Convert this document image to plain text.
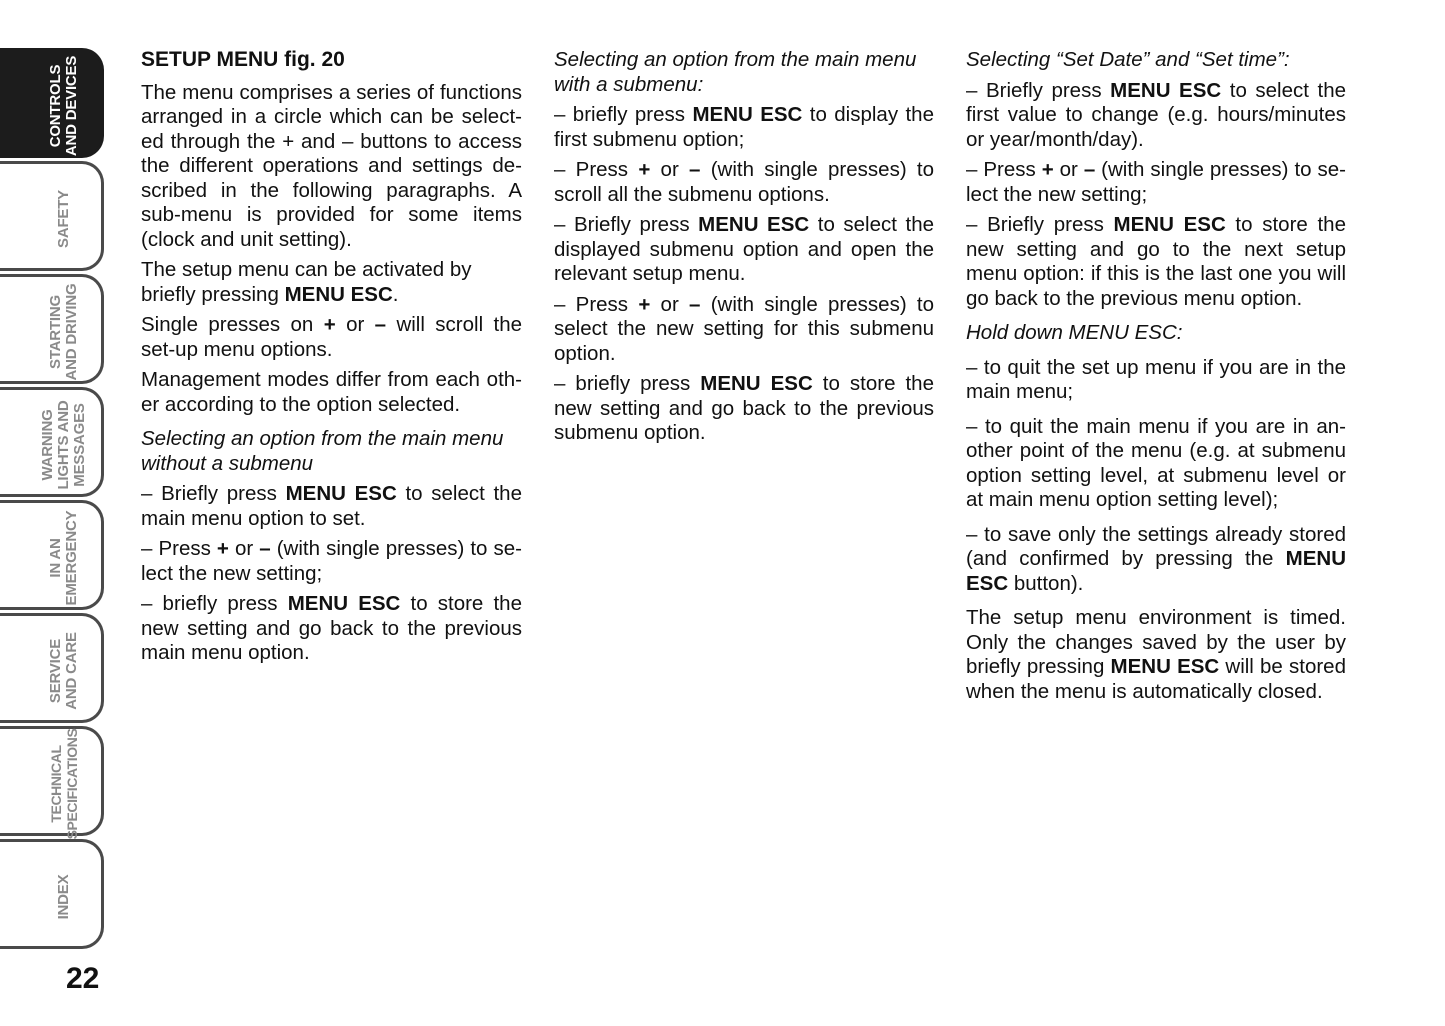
CONTROLS AND DEVICES
SAFETY
STARTING AND DRIVING
WARNING LIGHTS AND MESSAGES
IN AN EMERGENCY
SERVICE AND CARE
TECHNICAL SPECIFICATIONS
INDEX
22

SETUP MENU fig. 20

The menu comprises a series of functions arranged in a circle which can be select-ed through the + and – buttons to access the different operations and settings de-scribed in the following paragraphs. A sub-menu is provided for some items (clock and unit setting).

The setup menu can be activated by briefly pressing MENU ESC.

Single presses on + or – will scroll the set-up menu options.

Management modes differ from each oth-er according to the option selected.

Selecting an option from the main menu without a submenu

– Briefly press MENU ESC to select the main menu option to set.

– Press + or – (with single presses) to se-lect the new setting;

– briefly press MENU ESC to store the new setting and go back to the previous main menu option.

Selecting an option from the main menu with a submenu:

– briefly press MENU ESC to display the first submenu option;

– Press + or – (with single presses) to scroll all the submenu options.

– Briefly press MENU ESC to select the displayed submenu option and open the relevant setup menu.

– Press + or – (with single presses) to select the new setting for this submenu option.

– briefly press MENU ESC to store the new setting and go back to the previous submenu option.

Selecting “Set Date” and “Set time”:

– Briefly press MENU ESC to select the first value to change (e.g. hours/minutes or year/month/day).

– Press + or – (with single presses) to se-lect the new setting;

– Briefly press MENU ESC to store the new setting and go to the next setup menu option: if this is the last one you will go back to the previous menu option.

Hold down MENU ESC:

– to quit the set up menu if you are in the main menu;

– to quit the main menu if you are in an-other point of the menu (e.g. at submenu option setting level, at submenu level or at main menu option setting level);

– to save only the settings already stored (and confirmed by pressing the MENU ESC button).

The setup menu environment is timed. Only the changes saved by the user by briefly pressing MENU ESC will be stored when the menu is automatically closed.
